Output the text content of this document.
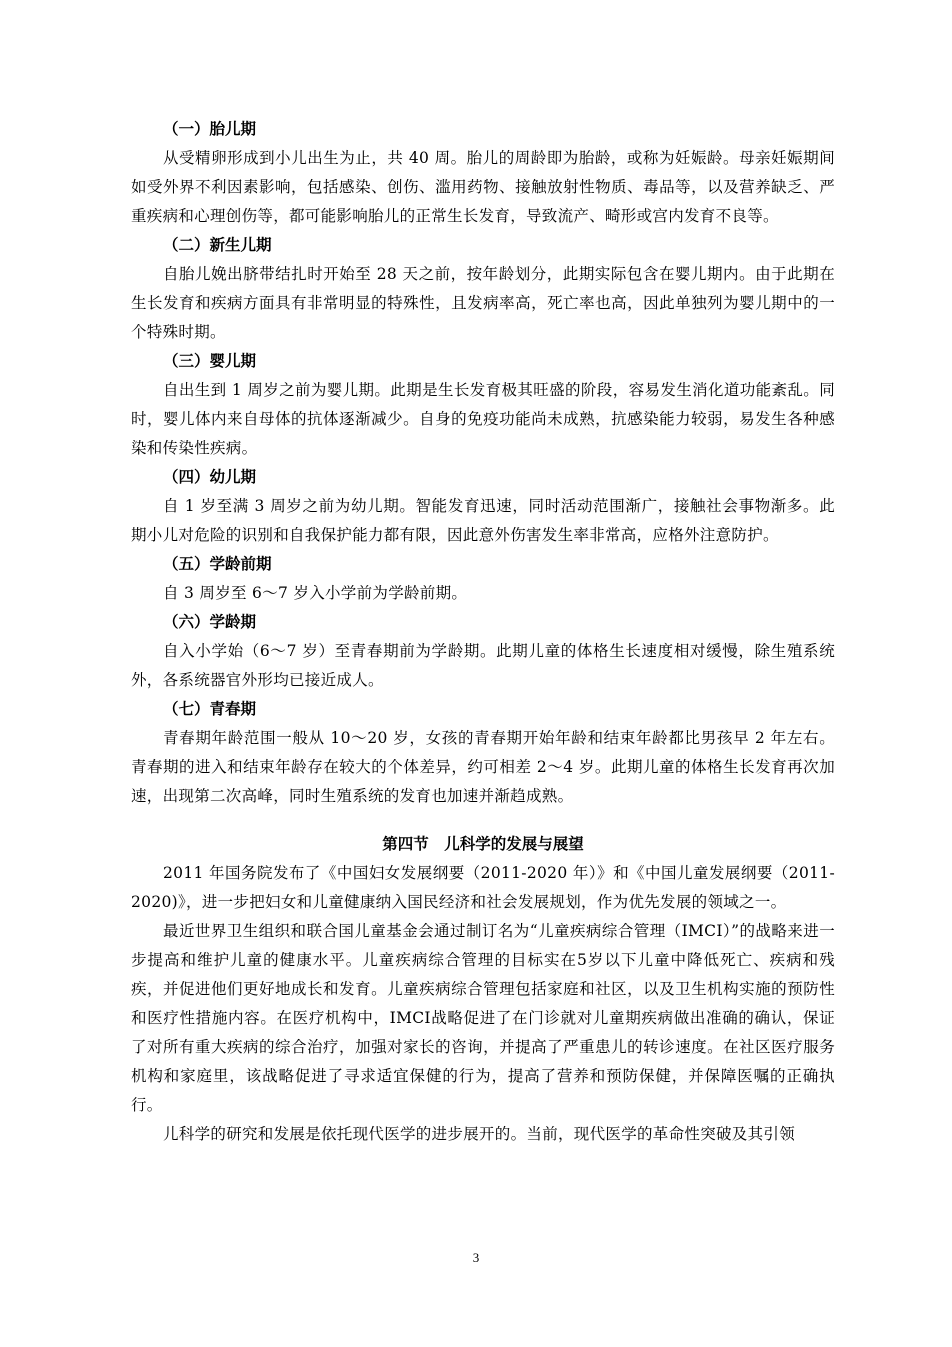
（一）胎儿期

从受精卵形成到小儿出生为止，共 40 周。胎儿的周龄即为胎龄，或称为妊娠龄。母亲妊娠期间如受外界不利因素影响，包括感染、创伤、滥用药物、接触放射性物质、毒品等，以及营养缺乏、严重疾病和心理创伤等，都可能影响胎儿的正常生长发育，导致流产、畸形或宫内发育不良等。

（二）新生儿期

自胎儿娩出脐带结扎时开始至 28 天之前，按年龄划分，此期实际包含在婴儿期内。由于此期在生长发育和疾病方面具有非常明显的特殊性，且发病率高，死亡率也高，因此单独列为婴儿期中的一个特殊时期。

（三）婴儿期

自出生到 1 周岁之前为婴儿期。此期是生长发育极其旺盛的阶段，容易发生消化道功能紊乱。同时，婴儿体内来自母体的抗体逐渐减少。自身的免疫功能尚未成熟，抗感染能力较弱，易发生各种感染和传染性疾病。

（四）幼儿期

自 1 岁至满 3 周岁之前为幼儿期。智能发育迅速，同时活动范围渐广，接触社会事物渐多。此期小儿对危险的识别和自我保护能力都有限，因此意外伤害发生率非常高，应格外注意防护。

（五）学龄前期

自 3 周岁至 6～7 岁入小学前为学龄前期。

（六）学龄期

自入小学始（6～7 岁）至青春期前为学龄期。此期儿童的体格生长速度相对缓慢，除生殖系统外，各系统器官外形均已接近成人。

（七）青春期

青春期年龄范围一般从 10～20 岁，女孩的青春期开始年龄和结束年龄都比男孩早 2 年左右。青春期的进入和结束年龄存在较大的个体差异，约可相差 2～4 岁。此期儿童的体格生长发育再次加速，出现第二次高峰，同时生殖系统的发育也加速并渐趋成熟。

第四节　儿科学的发展与展望

2011 年国务院发布了《中国妇女发展纲要（2011-2020 年）》和《中国儿童发展纲要（2011-2020)》，进一步把妇女和儿童健康纳入国民经济和社会发展规划，作为优先发展的领域之一。

最近世界卫生组织和联合国儿童基金会通过制订名为“儿童疾病综合管理（IMCI）”的战略来进一步提高和维护儿童的健康水平。儿童疾病综合管理的目标实在5岁以下儿童中降低死亡、疾病和残疾，并促进他们更好地成长和发育。儿童疾病综合管理包括家庭和社区，以及卫生机构实施的预防性和医疗性措施内容。在医疗机构中，IMCI战略促进了在门诊就对儿童期疾病做出准确的确认，保证了对所有重大疾病的综合治疗，加强对家长的咨询，并提高了严重患儿的转诊速度。在社区医疗服务机构和家庭里，该战略促进了寻求适宜保健的行为，提高了营养和预防保健，并保障医嘱的正确执行。

儿科学的研究和发展是依托现代医学的进步展开的。当前，现代医学的革命性突破及其引领

3
